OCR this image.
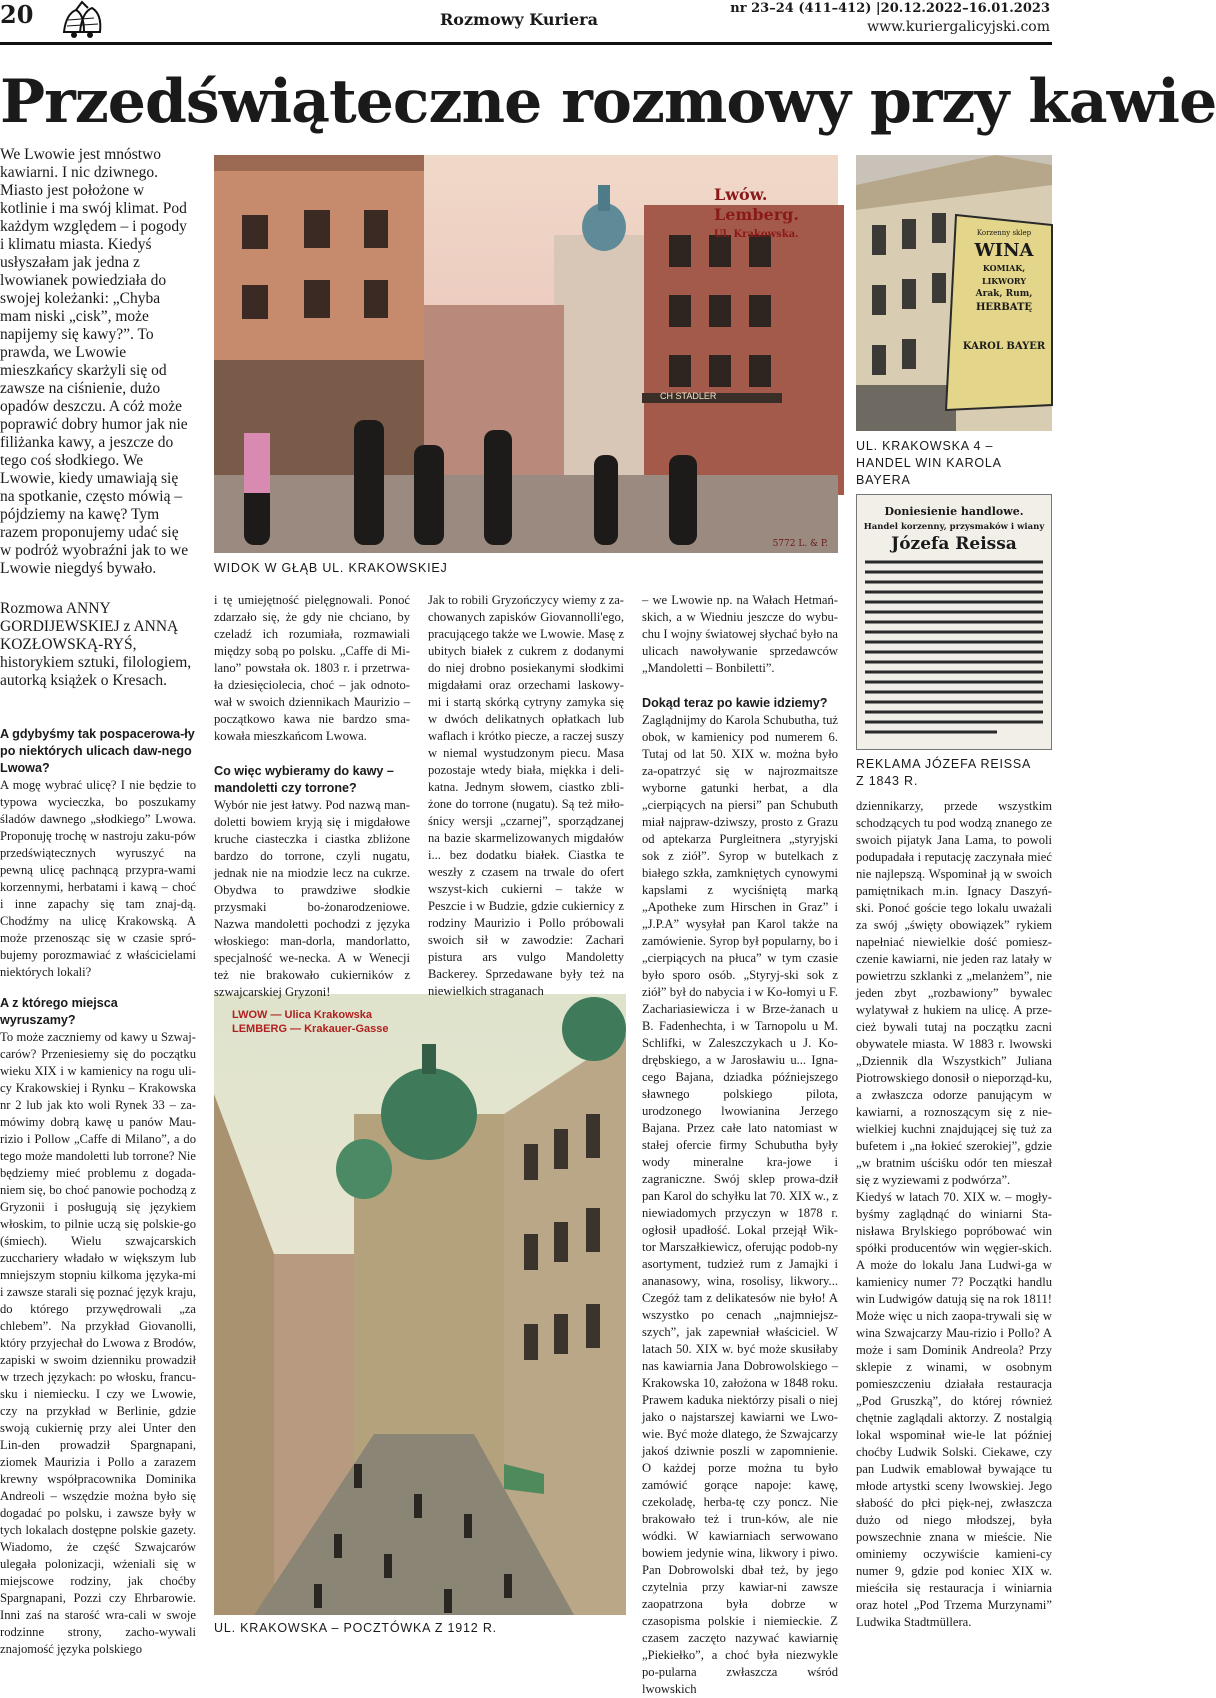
20	Rozmowy Kuriera
nr 23–24 (411–412) |20.12.2022–16.01.2023
www.kuriergalicyjski.com
Przedświąteczne rozmowy przy kawie

We Lwowie jest mnóstwo kawiarni. I nic dziwnego. Miasto jest położone w kotlinie i ma swój klimat. Pod każdym względem – i pogody i klimatu miasta. Kiedyś usłyszałam jak jedna z lwowianek powiedziała do swojej koleżanki: „Chyba mam niski „cisk”, może napijemy się kawy?”. To prawda, we Lwowie mieszkańcy skarżyli się od zawsze na ciśnienie, dużo opadów deszczu. A cóż może poprawić dobry humor jak nie filiżanka kawy, a jeszcze do tego coś słodkiego. We Lwowie, kiedy umawiają się na spotkanie, często mówią – pójdziemy na kawę? Tym razem proponujemy udać się w podróż wyobraźni jak to we Lwowie niegdyś bywało.

Rozmowa ANNY GORDIJEWSKIEJ z ANNĄ KOZŁOWSKĄ-RYŚ, historykiem sztuki, filologiem, autorką książek o Kresach.

Lwów.
Lemberg.
Ul. Krakowska.
CH STADLER
5772 L. & P.
WIDOK W GŁĄB UL. KRAKOWSKIEJ
Korzenny sklep
WINA
KOMIAK, LIKWORY
Arak, Rum,
HERBATĘ
KAROL BAYER
UL. KRAKOWSKA 4 – HANDEL WIN KAROLA BAYERA
Doniesienie handlowe.
Handel korzenny, przysmaków i wiany
Józefa Reissa
REKLAMA JÓZEFA REISSA Z 1843 R.
LWOW — Ulica Krakowska
LEMBERG — Krakauer-Gasse
UL. KRAKOWSKA – POCZTÓWKA Z 1912 R.

A gdybyśmy tak pospacerowa-ły po niektórych ulicach daw-nego Lwowa?

A mogę wybrać ulicę? I nie będzie to typowa wycieczka, bo poszukamy śladów dawnego „słodkiego” Lwowa. Proponuję trochę w nastroju zaku-pów przedświątecznych wyruszyć na pewną ulicę pachnącą przypra-wami korzennymi, herbatami i kawą – choć i inne zapachy się tam znaj-dą. Chodźmy na ulicę Krakowską. A może przenosząc się w czasie spró-bujemy porozmawiać z właścicielami niektórych lokali?

A z którego miejsca wyruszamy?

To może zaczniemy od kawy u Szwaj-carów? Przeniesiemy się do początku wieku XIX i w kamienicy na rogu uli-cy Krakowskiej i Rynku – Krakowska nr 2 lub jak kto woli Rynek 33 – za-mówimy dobrą kawę u panów Mau-rizio i Pollow „Caffe di Milano”, a do tego może mandoletti lub torrone? Nie będziemy mieć problemu z dogada-niem się, bo choć panowie pochodzą z Gryzonii i posługują się językiem włoskim, to pilnie uczą się polskie-go (śmiech). Wielu szwajcarskich zucchariery władało w większym lub mniejszym stopniu kilkoma języka-mi i zawsze starali się poznać język kraju, do którego przywędrowali „za chlebem”. Na przykład Giovanolli, który przyjechał do Lwowa z Brodów, zapiski w swoim dzienniku prowadził w trzech językach: po włosku, francu-sku i niemiecku. I czy we Lwowie, czy na przykład w Berlinie, gdzie swoją cukiernię przy alei Unter den Lin-den prowadził Spargnapani, ziomek Maurizia i Pollo a zarazem krewny współpracownika Dominika Andreoli – wszędzie można było się dogadać po polsku, i zawsze były w tych lokalach dostępne polskie gazety. Wiadomo, że część Szwajcarów ulegała polonizacji, wżeniali się w miejscowe rodziny, jak choćby Spargnapani, Pozzi czy Ehrbarowie. Inni zaś na starość wra-cali w swoje rodzinne strony, zacho-wywali znajomość języka polskiego

i tę umiejętność pielęgnowali. Ponoć zdarzało się, że gdy nie chciano, by czeladź ich rozumiała, rozmawiali między sobą po polsku. „Caffe di Mi-lano” powstała ok. 1803 r. i przetrwa-ła dziesięciolecia, choć – jak odnoto-wał w swoich dziennikach Maurizio – początkowo kawa nie bardzo sma-kowała mieszkańcom Lwowa.

Co więc wybieramy do kawy – mandoletti czy torrone?

Wybór nie jest łatwy. Pod nazwą man-doletti bowiem kryją się i migdałowe kruche ciasteczka i ciastka zbliżone bardzo do torrone, czyli nugatu, jednak nie na miodzie lecz na cukrze. Obydwa to prawdziwe słodkie przysmaki bo-żonarodzeniowe. Nazwa mandoletti pochodzi z języka włoskiego: man-dorla, mandorlatto, specjalność we-necka. A w Wenecji też nie brakowało cukierników z szwajcarskiej Gryzoni!

Jak to robili Gryzończycy wiemy z za-chowanych zapisków Giovannolli'ego, pracującego także we Lwowie. Masę z ubitych białek z cukrem z dodanymi do niej drobno posiekanymi słodkimi migdałami oraz orzechami laskowy-mi i startą skórką cytryny zamyka się w dwóch delikatnych opłatkach lub waflach i krótko piecze, a raczej suszy w niemal wystudzonym piecu. Masa pozostaje wtedy biała, miękka i deli-katna. Jednym słowem, ciastko zbli-żone do torrone (nugatu). Są też miło-śnicy wersji „czarnej”, sporządzanej na bazie skarmelizowanych migdałów i... bez dodatku białek. Ciastka te weszły z czasem na trwale do ofert wszyst-kich cukierni – także w Peszcie i w Budzie, gdzie cukiernicy z rodziny Maurizio i Pollo próbowali swoich sił w zawodzie: Zachari pistura ars vulgo Mandoletty Backerey. Sprzedawane były też na niewielkich straganach

– we Lwowie np. na Wałach Hetmań-skich, a w Wiedniu jeszcze do wybu-chu I wojny światowej słychać było na ulicach nawoływanie sprzedawców „Mandoletti – Bonbiletti”.

Dokąd teraz po kawie idziemy?

Zaglądnijmy do Karola Schubutha, tuż obok, w kamienicy pod numerem 6. Tutaj od lat 50. XIX w. można było za-opatrzyć się w najrozmaitsze wyborne gatunki herbat, a dla „cierpiących na piersi” pan Schubuth miał najpraw-dziwszy, prosto z Grazu od aptekarza Purgleitnera „styryjski sok z ziół”. Syrop w butelkach z białego szkła, zamkniętych cynowymi kapslami z wyciśniętą marką „Apotheke zum Hirschen in Graz” i „J.P.A” wysyłał pan Karol także na zamówienie. Syrop był popularny, bo i „cierpiących na płuca” w tym czasie było sporo osób. „Styryj-ski sok z ziół” był do nabycia i w Ko-łomyi u F. Zachariasiewicza i w Brze-żanach u B. Fadenhechta, i w Tarnopolu u M. Schlifki, w Zaleszczykach u J. Ko-drębskiego, a w Jarosławiu u... Igna-cego Bajana, dziadka późniejszego sławnego polskiego pilota, urodzonego lwowianina Jerzego Bajana. Przez całe lato natomiast w stałej ofercie firmy Schubutha były wody mineralne kra-jowe i zagraniczne. Swój sklep prowa-dził pan Karol do schyłku lat 70. XIX w., z niewiadomych przyczyn w 1878 r. ogłosił upadłość. Lokal przejął Wik-tor Marszałkiewicz, oferując podob-ny asortyment, tudzież rum z Jamajki i ananasowy, wina, rosolisy, likwory... Czegóż tam z delikatesów nie było! A wszystko po cenach „najmniejsz-szych”, jak zapewniał właściciel. W latach 50. XIX w. być może skusiłaby nas kawiarnia Jana Dobrowolskiego – Krakowska 10, założona w 1848 roku. Prawem kaduka niektórzy pisali o niej jako o najstarszej kawiarni we Lwo-wie. Być może dlatego, że Szwajcarzy jakoś dziwnie poszli w zapomnienie. O każdej porze można tu było zamówić gorące napoje: kawę, czekoladę, herba-tę czy poncz. Nie brakowało też i trun-ków, ale nie wódki. W kawiarniach serwowano bowiem jedynie wina, likwory i piwo. Pan Dobrowolski dbał też, by jego czytelnia przy kawiar-ni zawsze zaopatrzona była dobrze w czasopisma polskie i niemieckie. Z czasem zaczęto nazywać kawiarnię „Piekiełko”, a choć była niezwykle po-pularna zwłaszcza wśród lwowskich

dziennikarzy, przede wszystkim schodzących tu pod wodzą znanego ze swoich pijatyk Jana Lama, to powoli podupadała i reputację zaczynała mieć nie najlepszą. Wspominał ją w swoich pamiętnikach m.in. Ignacy Daszyń-ski. Ponoć goście tego lokalu uważali za swój „święty obowiązek” rykiem napełniać niewielkie dość pomiesz-czenie kawiarni, nie jeden raz latały w powietrzu szklanki z „melanżem”, nie jeden zbyt „rozbawiony” bywalec wylatywał z hukiem na ulicę. A prze-cież bywali tutaj na początku zacni obywatele miasta. W 1883 r. lwowski „Dziennik dla Wszystkich” Juliana Piotrowskiego donosił o nieporząd-ku, a zwłaszcza odorze panującym w kawiarni, a roznoszącym się z nie-wielkiej kuchni znajdującej się tuż za bufetem i „na łokieć szerokiej”, gdzie „w bratnim uściśku odór ten mieszał się z wyziewami z podwórza”.

Kiedyś w latach 70. XIX w. – mogły-byśmy zaglądnąć do winiarni Sta-nisława Brylskiego popróbować win spółki producentów win węgier-skich. A może do lokalu Jana Ludwi-ga w kamienicy numer 7? Początki handlu win Ludwigów datują się na rok 1811! Może więc u nich zaopa-trywali się w wina Szwajcarzy Mau-rizio i Pollo? A może i sam Dominik Andreola? Przy sklepie z winami, w osobnym pomieszczeniu działała restauracja „Pod Gruszką”, do której również chętnie zaglądali aktorzy. Z nostalgią lokal wspominał wie-le lat później choćby Ludwik Solski. Ciekawe, czy pan Ludwik emablował bywające tu młode artystki sceny lwowskiej. Jego słabość do płci pięk-nej, zwłaszcza dużo od niego młodszej, była powszechnie znana w mieście. Nie ominiemy oczywiście kamieni-cy numer 9, gdzie pod koniec XIX w. mieściła się restauracja i winiarnia oraz hotel „Pod Trzema Murzynami” Ludwika Stadtmüllera.
